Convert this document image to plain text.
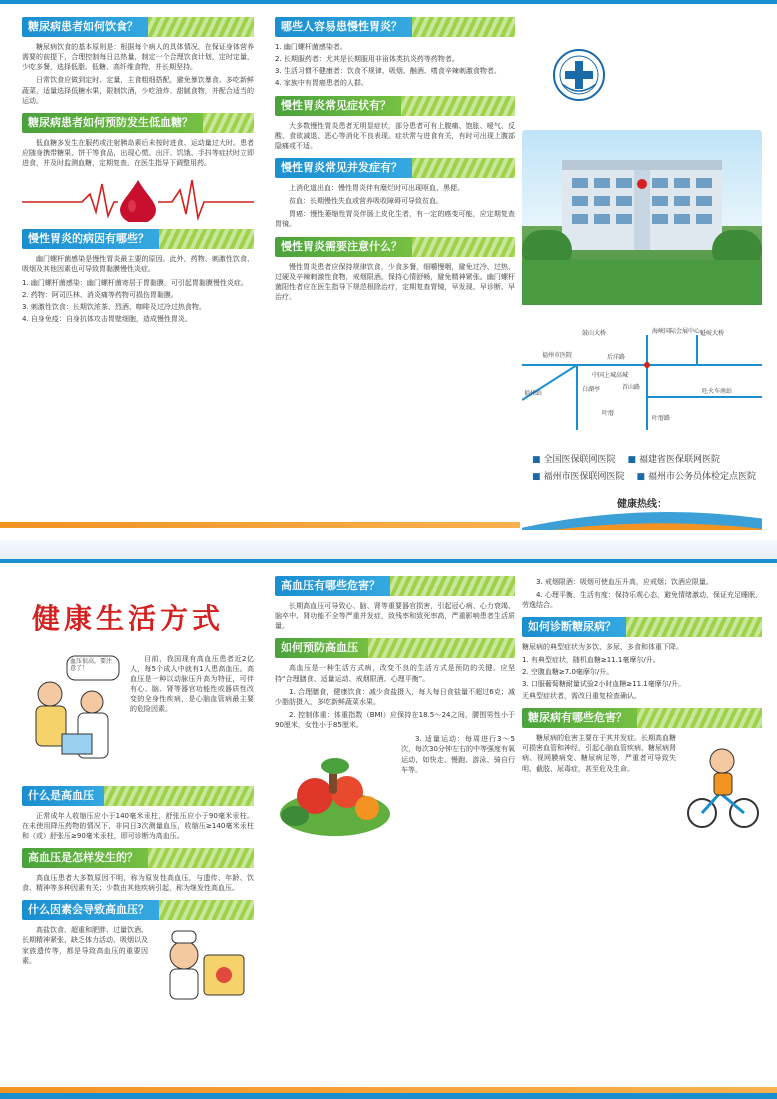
糖尿病患者如何饮食？

糖尿病饮食的基本原则是：根据每个病人的具体情况，在保证身体营养需要的前提下，合理控制每日总热量，制定一个合理饮食计划，定时定量，少吃多餐，选择低脂、低糖、高纤维食物，并长期坚持。

日常饮食应做到定时、定量，主食粗细搭配，避免暴饮暴食。多吃新鲜蔬菜，适量选择低糖水果，限制饮酒，少吃油炸、甜腻食物，并配合适当的运动。

糖尿病患者如何预防发生低血糖？

低血糖多发生在服药或注射胰岛素后未按时进食、运动量过大时。患者应随身携带糖果、饼干等食品，出现心慌、出汗、饥饿、手抖等症状时立即进食，并及时监测血糖，定期复查，在医生指导下调整用药。

慢性胃炎的病因有哪些？

幽门螺杆菌感染是慢性胃炎最主要的原因。此外，药物、刺激性饮食、吸烟及其他因素也可导致胃黏膜慢性炎症。

1. 幽门螺杆菌感染：幽门螺杆菌寄居于胃黏膜，可引起胃黏膜慢性炎症。
2. 药物：阿司匹林、消炎痛等药物可损伤胃黏膜。
3. 刺激性饮食：长期饮浓茶、烈酒、咖啡及过冷过热食物。
4. 自身免疫：自身抗体攻击胃壁细胞，造成慢性胃炎。
哪些人容易患慢性胃炎？
1. 幽门螺杆菌感染者。
2. 长期服药者：尤其是长期服用非甾体类抗炎药等药物者。
3. 生活习惯不健康者：饮食不规律、吸烟、酗酒、嗜食辛辣刺激食物者。
4. 家族中有胃癌患者的人群。
慢性胃炎常见症状有？

大多数慢性胃炎患者无明显症状，部分患者可有上腹痛、饱胀、嗳气、反酸、食欲减退、恶心等消化不良表现。症状常与进食有关，有时可出现上腹部隐痛或不适。

慢性胃炎常见并发症有？

上消化道出血：慢性胃炎伴有糜烂时可出现呕血、黑便。

贫血：长期慢性失血或营养吸收障碍可导致贫血。

胃癌：慢性萎缩性胃炎伴肠上皮化生者，有一定的癌变可能，应定期复查胃镜。

慢性胃炎需要注意什么？

慢性胃炎患者应保持规律饮食，少食多餐，细嚼慢咽，避免过冷、过热、过硬及辛辣刺激性食物，戒烟限酒。保持心情舒畅，避免精神紧张。幽门螺杆菌阳性者应在医生指导下规范根除治疗，定期复查胃镜，早发现、早诊断、早治疗。

鼓山大桥	海峡国际会展中心 魁岐大桥
福州市医院	后洋路
中国上城高城
福州站
白湖亭	首山路
叶厝
叶厝路
旺火车南站
■ 全国医保联网医院	■ 福建省医保联网医院
■ 福州市医保联网医院	■ 福州市公务员体检定点医院
健康热线：
健康生活方式
血压很高，要注意了！

目前，我国现有高血压患者近2亿人，每5个成人中就有1人患高血压。高血压是一种以动脉压升高为特征，可伴有心、脑、肾等器官功能性或器质性改变的全身性疾病，是心脑血管病最主要的危险因素。

什么是高血压

正常成年人收缩压应小于140毫米汞柱，舒张压应小于90毫米汞柱。在未使用降压药物的情况下，非同日3次测量血压，收缩压≥140毫米汞柱和（或）舒张压≥90毫米汞柱，即可诊断为高血压。

高血压是怎样发生的？

高血压患者大多数原因不明，称为原发性高血压，与遗传、年龄、饮食、精神等多种因素有关；少数由其他疾病引起，称为继发性高血压。

什么因素会导致高血压？

高盐饮食、超重和肥胖、过量饮酒、长期精神紧张、缺乏体力活动、吸烟以及家族遗传等，都是导致高血压的重要因素。

高血压有哪些危害？

长期高血压可导致心、脑、肾等重要器官损害，引起冠心病、心力衰竭、脑卒中、肾功能不全等严重并发症，致残率和致死率高，严重影响患者生活质量。

如何预防高血压

高血压是一种生活方式病，改变不良的生活方式是预防的关键。应坚持“合理膳食、适量运动、戒烟限酒、心理平衡”。

1. 合理膳食，健康饮食：减少食盐摄入，每人每日食盐量不超过6克；减少脂肪摄入，多吃新鲜蔬菜水果。

2. 控制体重：体重指数（BMI）应保持在18.5～24之间，腰围男性小于90厘米，女性小于85厘米。

3. 适量运动：每周进行3～5次，每次30分钟左右的中等强度有氧运动，如快走、慢跑、游泳、骑自行车等。

3. 戒烟限酒：吸烟可使血压升高，应戒烟；饮酒应限量。

4. 心理平衡，生活有度：保持乐观心态，避免情绪激动，保证充足睡眠，劳逸结合。

如何诊断糖尿病？
糖尿病的典型症状为多饮、多尿、多食和体重下降。
1. 有典型症状，随机血糖≥11.1毫摩尔/升。
2. 空腹血糖≥7.0毫摩尔/升。
3. 口服葡萄糖耐量试验2小时血糖≥11.1毫摩尔/升。
无典型症状者，需改日重复检查确认。
糖尿病有哪些危害？

糖尿病的危害主要在于其并发症。长期高血糖可损害血管和神经，引起心脑血管疾病、糖尿病肾病、视网膜病变、糖尿病足等，严重者可导致失明、截肢、尿毒症，甚至危及生命。
